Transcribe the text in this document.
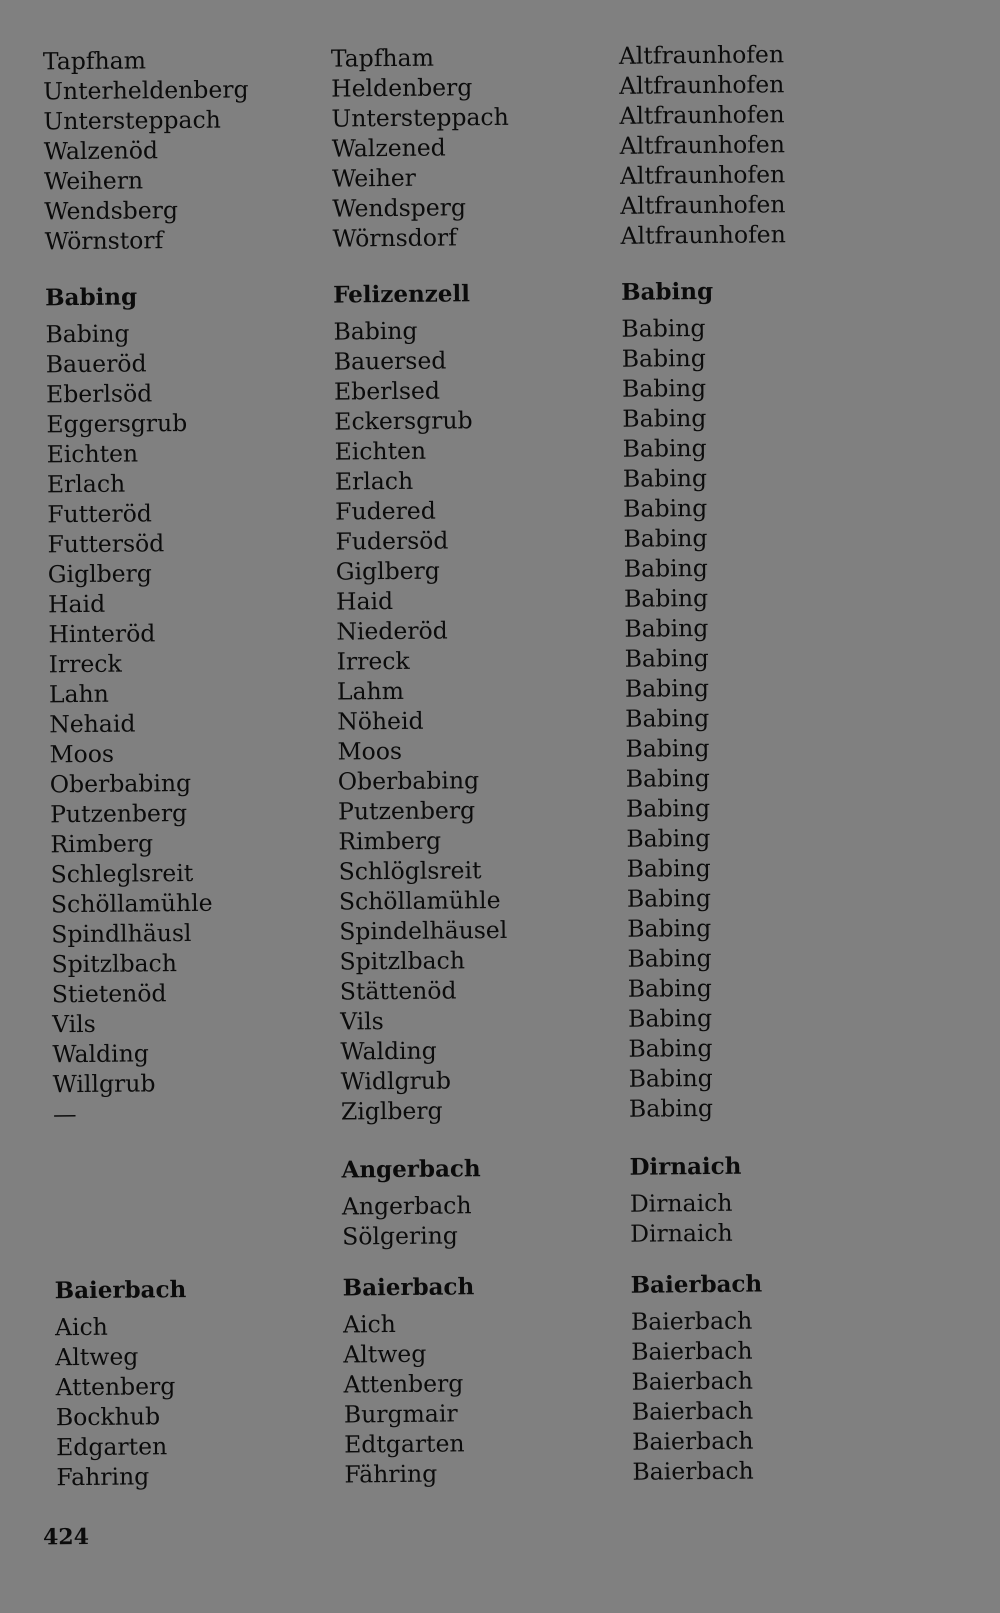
Tapfham
Unterheldenberg
Untersteppach
Walzenöd
Weihern
Wendsberg
Wörnstorf
Babing
Babing
Baueröd
Eberlsöd
Eggersgrub
Eichten
Erlach
Futteröd
Futtersöd
Giglberg
Haid
Hinteröd
Irreck
Lahn
Nehaid
Moos
Oberbabing
Putzenberg
Rimberg
Schleglsreit
Schöllamühle
Spindlhäusl
Spitzlbach
Stietenöd
Vils
Walding
Willgrub
—
Baierbach
Aich
Altweg
Attenberg
Bockhub
Edgarten
Fahring
Tapfham
Heldenberg
Untersteppach
Walzened
Weiher
Wendsperg
Wörnsdorf
Felizenzell
Babing
Bauersed
Eberlsed
Eckersgrub
Eichten
Erlach
Fudered
Fudersöd
Giglberg
Haid
Niederöd
Irreck
Lahm
Nöheid
Moos
Oberbabing
Putzenberg
Rimberg
Schlöglsreit
Schöllamühle
Spindelhäusel
Spitzlbach
Stättenöd
Vils
Walding
Widlgrub
Ziglberg
Angerbach
Angerbach
Sölgering
Baierbach
Aich
Altweg
Attenberg
Burgmair
Edtgarten
Fähring
Altfraunhofen
Altfraunhofen
Altfraunhofen
Altfraunhofen
Altfraunhofen
Altfraunhofen
Altfraunhofen
Babing
Babing
Babing
Babing
Babing
Babing
Babing
Babing
Babing
Babing
Babing
Babing
Babing
Babing
Babing
Babing
Babing
Babing
Babing
Babing
Babing
Babing
Babing
Babing
Babing
Babing
Babing
Babing
Dirnaich
Dirnaich
Dirnaich
Baierbach
Baierbach
Baierbach
Baierbach
Baierbach
Baierbach
Baierbach
424
